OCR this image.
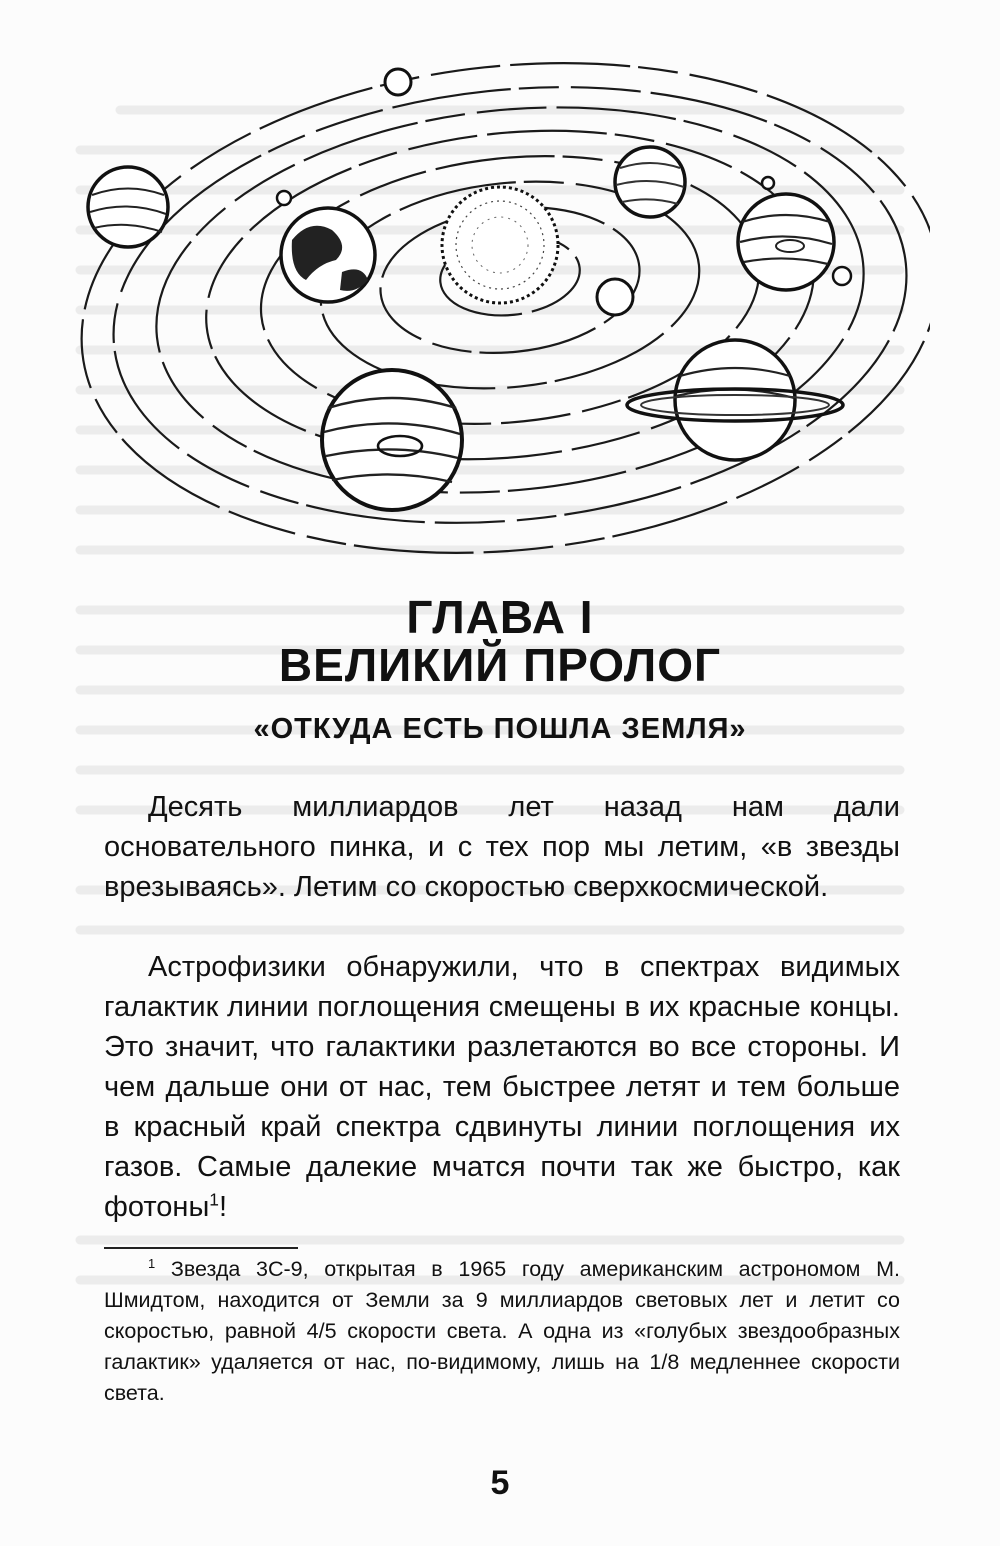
ГЛАВА I
ВЕЛИКИЙ ПРОЛОГ
«ОТКУДА ЕСТЬ ПОШЛА ЗЕМЛЯ»

Десять миллиардов лет назад нам дали основательного пинка, и с тех пор мы летим, «в звезды врезываясь». Летим со скоростью сверхкосмической.

Астрофизики обнаружили, что в спектрах видимых галактик линии поглощения смещены в их красные концы. Это значит, что галактики разлетаются во все стороны. И чем дальше они от нас, тем быстрее летят и тем больше в красный край спектра сдвинуты линии поглощения их газов. Самые далекие мчатся почти так же быстро, как фотоны$^1$!

$^1$ Звезда 3С-9, открытая в 1965 году американским астрономом М. Шмидтом, находится от Земли за 9 миллиардов световых лет и летит со скоростью, равной 4/5 скорости света. А одна из «голубых звездообразных галактик» удаляется от нас, по-видимому, лишь на 1/8 медленнее скорости света.

5
